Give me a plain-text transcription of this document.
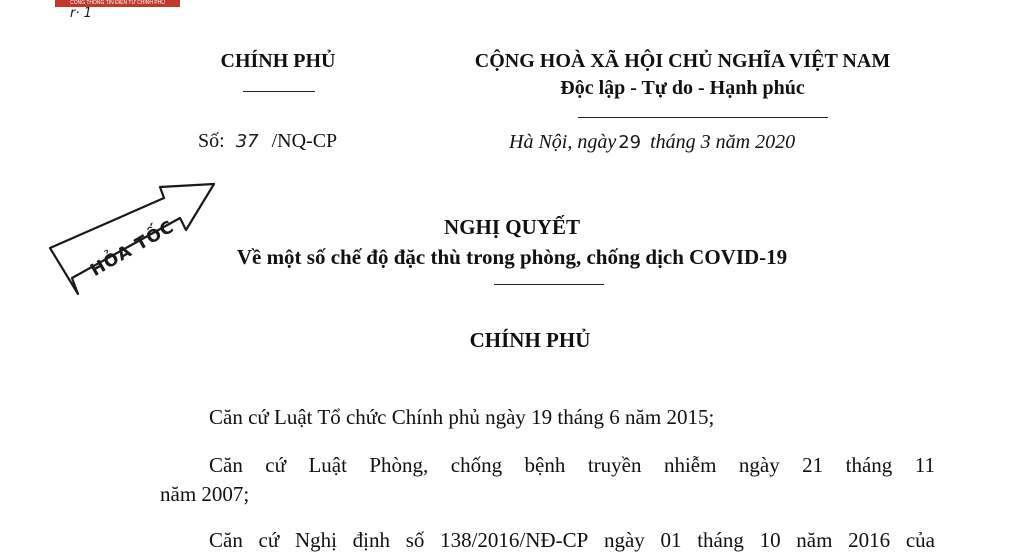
CỔNG THÔNG TIN ĐIỆN TỬ CHÍNH PHỦ
r· 1
CHÍNH PHỦ
Số: 37 /NQ-CP
CỘNG HOÀ XÃ HỘI CHỦ NGHĨA VIỆT NAM
Độc lập - Tự do - Hạnh phúc
Hà Nội, ngày 29 tháng 3 năm 2020
HỎA TỐC	NGHỊ QUYẾT
Về một số chế độ đặc thù trong phòng, chống dịch COVID-19
CHÍNH PHỦ
Căn cứ Luật Tổ chức Chính phủ ngày 19 tháng 6 năm 2015;
Căn cứ Luật Phòng, chống bệnh truyền nhiễm ngày 21 tháng 11
năm 2007;
Căn cứ Nghị định số 138/2016/NĐ-CP ngày 01 tháng 10 năm 2016 của
